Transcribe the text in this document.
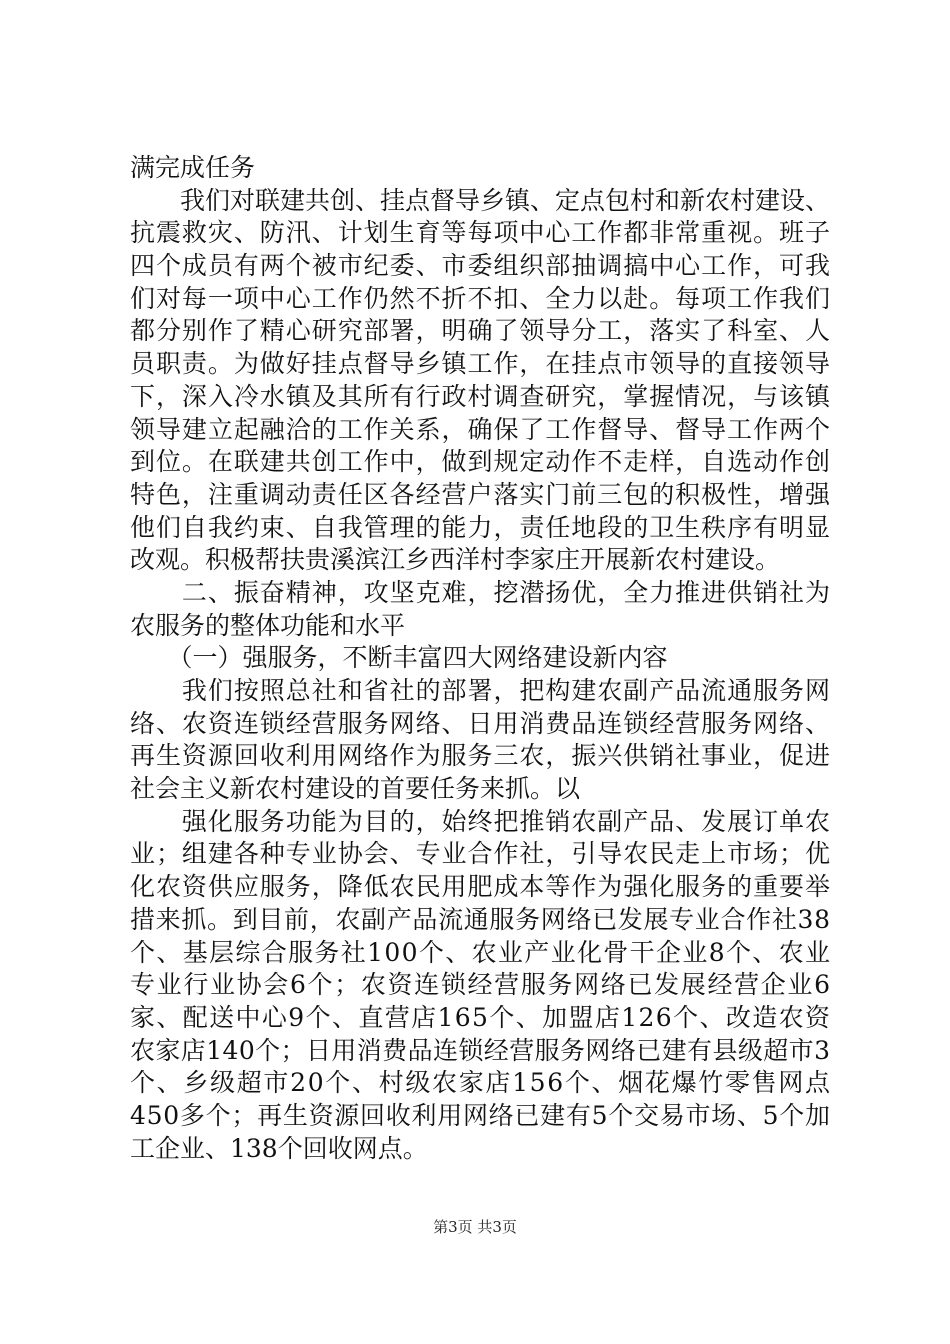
满完成任务
　　我们对联建共创、挂点督导乡镇、定点包村和新农村建设、
抗震救灾、防汛、计划生育等每项中心工作都非常重视。班子
四个成员有两个被市纪委、市委组织部抽调搞中心工作，可我
们对每一项中心工作仍然不折不扣、全力以赴。每项工作我们
都分别作了精心研究部署，明确了领导分工，落实了科室、人
员职责。为做好挂点督导乡镇工作，在挂点市领导的直接领导
下，深入冷水镇及其所有行政村调查研究，掌握情况，与该镇
领导建立起融洽的工作关系，确保了工作督导、督导工作两个
到位。在联建共创工作中，做到规定动作不走样，自选动作创
特色，注重调动责任区各经营户落实门前三包的积极性，增强
他们自我约束、自我管理的能力，责任地段的卫生秩序有明显
改观。积极帮扶贵溪滨江乡西洋村李家庄开展新农村建设。
　　二、振奋精神，攻坚克难，挖潜扬优，全力推进供销社为
农服务的整体功能和水平
　　（一）强服务，不断丰富四大网络建设新内容
　　我们按照总社和省社的部署，把构建农副产品流通服务网
络、农资连锁经营服务网络、日用消费品连锁经营服务网络、
再生资源回收利用网络作为服务三农，振兴供销社事业，促进
社会主义新农村建设的首要任务来抓。以
　　强化服务功能为目的，始终把推销农副产品、发展订单农
业；组建各种专业协会、专业合作社，引导农民走上市场；优
化农资供应服务，降低农民用肥成本等作为强化服务的重要举
措来抓。到目前，农副产品流通服务网络已发展专业合作社38
个、基层综合服务社100个、农业产业化骨干企业8个、农业
专业行业协会6个；农资连锁经营服务网络已发展经营企业6
家、配送中心9个、直营店165个、加盟店126个、改造农资
农家店140个；日用消费品连锁经营服务网络已建有县级超市3
个、乡级超市20个、村级农家店156个、烟花爆竹零售网点
450多个；再生资源回收利用网络已建有5个交易市场、5个加
工企业、138个回收网点。
第3页 共3页
